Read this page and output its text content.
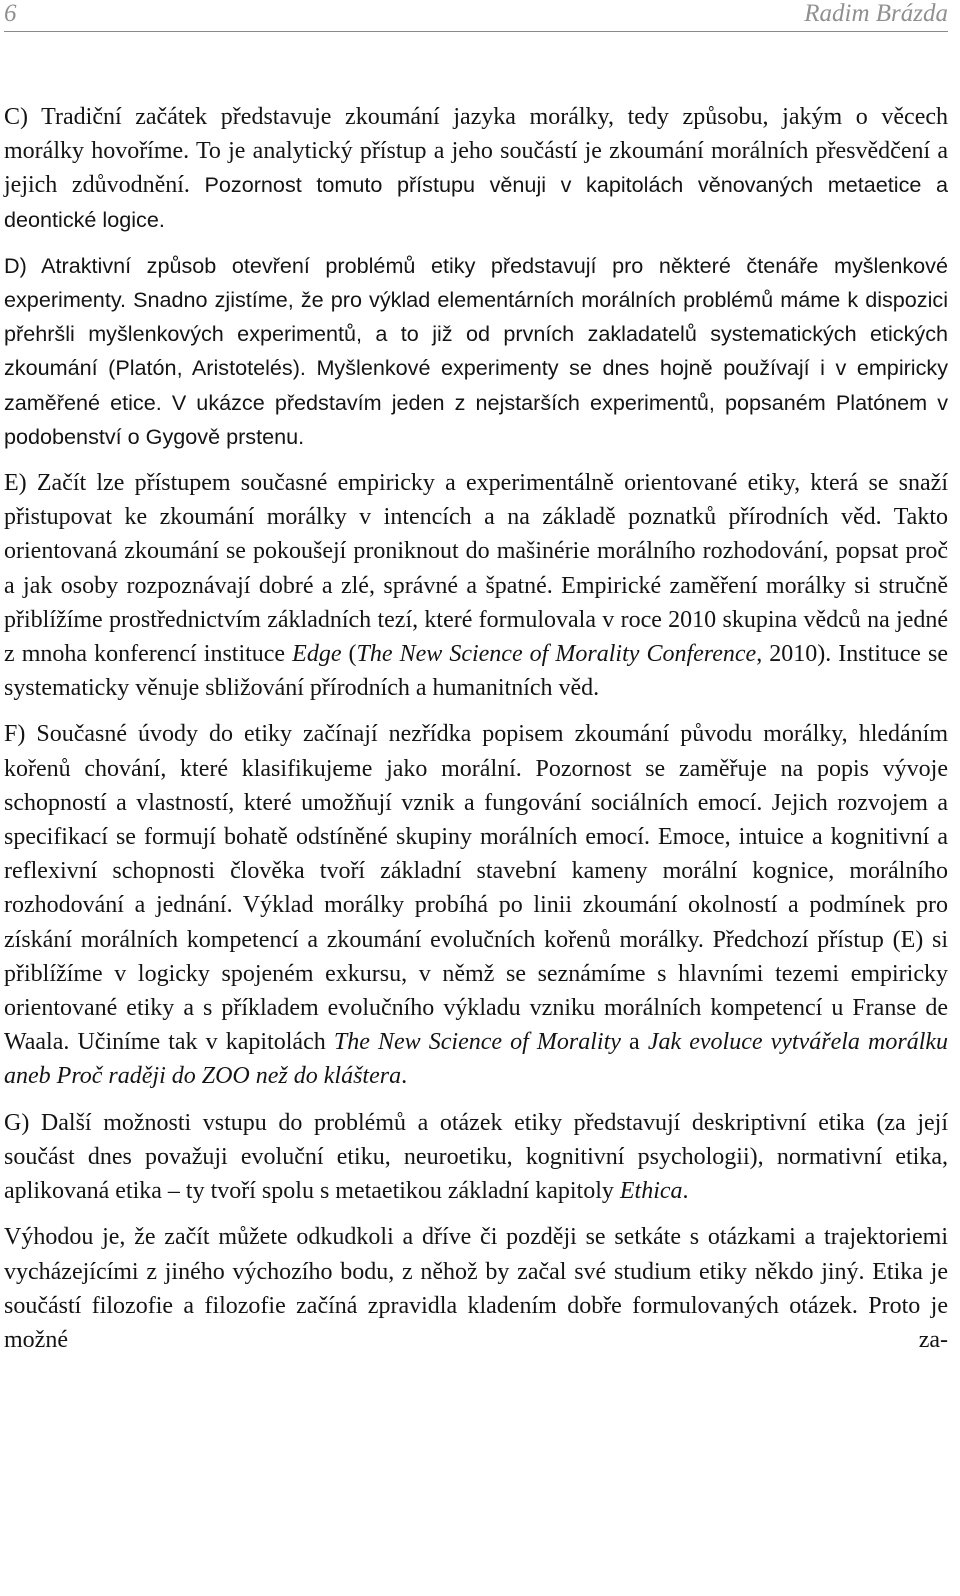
6	Radim Brázda

C) Tradiční začátek představuje zkoumání jazyka morálky, tedy způsobu, jakým o věcech morálky hovoříme. To je analytický přístup a jeho součástí je zkoumání morálních přesvědčení a jejich zdůvodnění. Pozornost tomuto přístupu věnuji v kapitolách věnovaných metaetice a deontické logice.

D) Atraktivní způsob otevření problémů etiky představují pro některé čtenáře myšlenkové experimenty. Snadno zjistíme, že pro výklad elementárních morálních problémů máme k dispozici přehršli myšlenkových experimentů, a to již od prvních zakladatelů systematických etických zkoumání (Platón, Aristotelés). Myšlenkové experimenty se dnes hojně používají i v empiricky zaměřené etice. V ukázce představím jeden z nejstarších experimentů, popsaném Platónem v podobenství o Gygově prstenu.

E) Začít lze přístupem současné empiricky a experimentálně orientované etiky, která se snaží přistupovat ke zkoumání morálky v intencích a na základě poznatků přírodních věd. Takto orientovaná zkoumání se pokoušejí proniknout do mašinérie morálního rozhodování, popsat proč a jak osoby rozpoznávají dobré a zlé, správné a špatné. Empirické zaměření morálky si stručně přiblížíme prostřednictvím základních tezí, které formulovala v roce 2010 skupina vědců na jedné z mnoha konferencí instituce Edge (The New Science of Morality Conference, 2010). Instituce se systematicky věnuje sbližování přírodních a humanitních věd.

F) Současné úvody do etiky začínají nezřídka popisem zkoumání původu morálky, hledáním kořenů chování, které klasifikujeme jako morální. Pozornost se zaměřuje na popis vývoje schopností a vlastností, které umožňují vznik a fungování sociálních emocí. Jejich rozvojem a specifikací se formují bohatě odstíněné skupiny morálních emocí. Emoce, intuice a kognitivní a reflexivní schopnosti člověka tvoří základní stavební kameny morální kognice, morálního rozhodování a jednání. Výklad morálky probíhá po linii zkoumání okolností a podmínek pro získání morálních kompetencí a zkoumání evolučních kořenů morálky. Předchozí přístup (E) si přiblížíme v logicky spojeném exkursu, v němž se seznámíme s hlavními tezemi empiricky orientované etiky a s příkladem evolučního výkladu vzniku morálních kompetencí u Franse de Waala. Učiníme tak v kapitolách The New Science of Morality a Jak evoluce vytvářela morálku aneb Proč raději do ZOO než do kláštera.

G) Další možnosti vstupu do problémů a otázek etiky představují deskriptivní etika (za její součást dnes považuji evoluční etiku, neuroetiku, kognitivní psychologii), normativní etika, aplikovaná etika – ty tvoří spolu s metaetikou základní kapitoly Ethica.

Výhodou je, že začít můžete odkudkoli a dříve či později se setkáte s otázkami a trajektoriemi vycházejícími z jiného výchozího bodu, z něhož by začal své studium etiky někdo jiný. Etika je součástí filozofie a filozofie začíná zpravidla kladením dobře formulovaných otázek. Proto je možné za-
